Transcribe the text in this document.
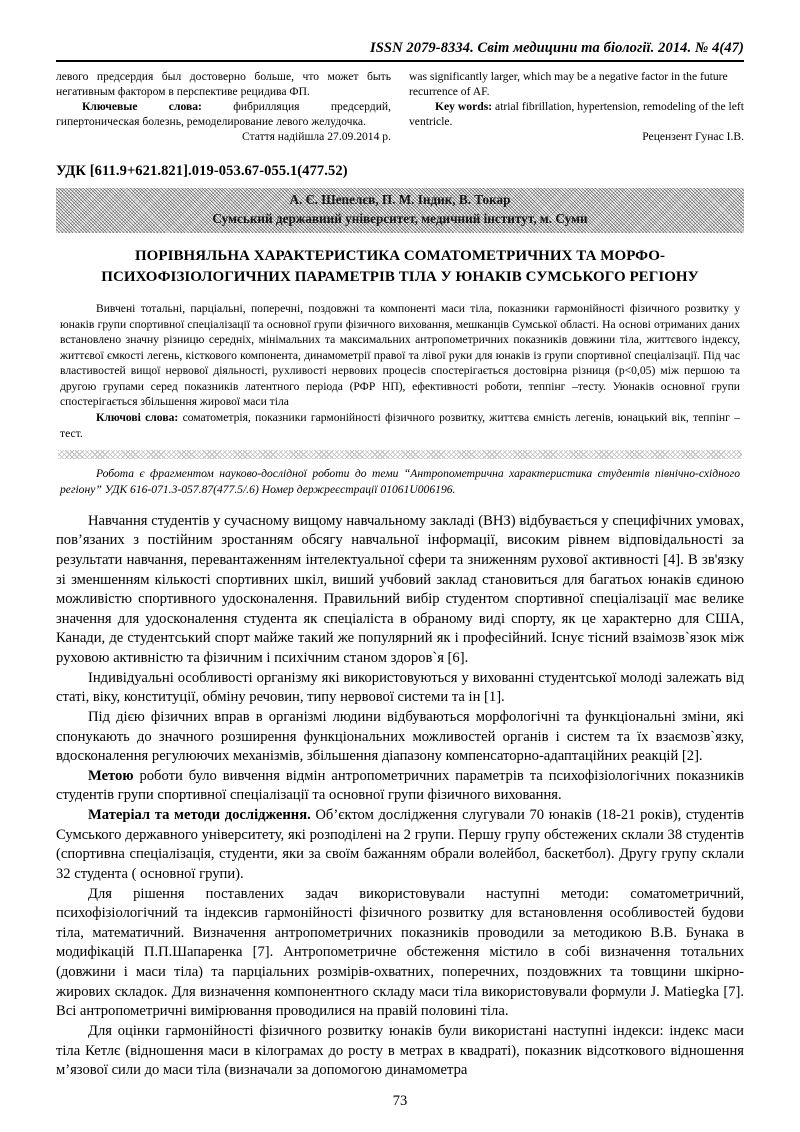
ISSN 2079-8334. Світ медицини та біології. 2014. № 4(47)

левого предсердия был достоверно больше, что может быть негативным фактором в перспективе рецидива ФП.

Ключевые слова:	фибрилляция предсердий, гипертоническая болезнь, ремоделирование левого желудочка.

Стаття надійшла 27.09.2014 р.

was significantly larger, which may be a negative factor in the future recurrence of AF.

Key words: atrial fibrillation, hypertension, remodeling of the left ventricle.

Рецензент Гунас І.В.

УДК [611.9+621.821].019-053.67-055.1(477.52)
А. Є. Шепелєв, П. М. Індик, В. Токар
Сумський державний університет, медичний інститут, м. Суми
ПОРІВНЯЛЬНА ХАРАКТЕРИСТИКА СОМАТОМЕТРИЧНИХ ТА МОРФО-ПСИХОФІЗІОЛОГИЧНИХ ПАРАМЕТРІВ ТІЛА У ЮНАКІВ СУМСЬКОГО РЕГІОНУ

Вивчені тотальні, парціальні, поперечні, поздовжні та компоненті маси тіла, показники гармонійності фізичного розвитку у юнаків групи спортивної спеціалізації та основної групи фізичного виховання, мешканців Сумської області. На основі отриманих даних встановлено значну різницю середніх, мінімальних та максимальних антропометричних показників довжини тіла, життєвого індексу, життєвої ємкості легень, кісткового компонента, динамометрії правої та лівої руки для юнаків із групи спортивної спеціалізації. Під час властивостей вищої нервової діяльності, рухливості нервових процесів спостерігається достовірна різниця (р<0,05) між першою та другою групами серед показників латентного періода (РФР НП), ефективності роботи, теппінг –тесту. Уюнаків основної групи спостерігається збільшення жирової маси тіла

Ключові слова: соматометрія, показники гармонійності фізичного розвитку, життєва ємність легенів, юнацький вік, теппінг –тест.

Робота є фрагментом науково-дослідної роботи до теми “Антропометрична характеристика студентів північно-східного регіону” УДК 616-071.3-057.87(477.5/.6) Номер держреєстрації 01061U006196.

Навчання студентів у сучасному вищому навчальному закладі (ВНЗ) відбувається у специфічних умовах, пов’язаних з постійним зростанням обсягу навчальної інформації, високим рівнем відповідальності за результати навчання, перевантаженням інтелектуальної сфери та зниженням рухової активності [4]. В зв'язку зі зменшенням кількості спортивних шкіл, виший учбовий заклад становиться для багатьох юнаків єдиною можливістю спортивного удосконалення. Правильний вибір студентом спортивної спеціалізації має велике значення для удосконалення студента як спеціаліста в обраному виді спорту, як це характерно для США, Канади, де студентський спорт майже такий же популярний як і професійний. Існує тісний взаімозв`язок між руховою активністю та фізичним і психічним станом здоров`я [6].

Індивідуальні особливості організму які використовуються у вихованні студентської молоді залежать від статі, віку, конституції, обміну речовин, типу нервової системи та ін [1].

Під дією фізичних вправ в організмі людини відбуваються морфологічні та функціональні зміни, які спонукають до значного розширення функціональних можливостей органів і систем та їх взаємозв`язку, вдосконалення регулюючих механізмів, збільшення діапазону компенсаторно-адаптаційних реакцій [2].

Метою роботи було вивчення відмін антропометричних параметрів та психофізіологічних показників студентів групи спортивної спеціалізації та основної групи фізичного виховання.

Матеріал та методи дослідження. Об’єктом дослідження слугували 70 юнаків (18-21 років), студентів Сумського державного університету, які розподілені на 2 групи. Першу групу обстежених склали 38 студентів (спортивна спеціалізація, студенти, яки за своїм бажанням обрали волейбол, баскетбол). Другу групу склали 32 студента ( основної групи).

Для рішення поставлених задач використовували наступні методи: соматометричний, психофізіологічний та індексив гармонійності фізичного розвитку для встановлення особливостей будови тіла, математичний. Визначення антропометричних показників проводили за методикою В.В. Бунака в модифікацій П.П.Шапаренка [7]. Антропометричне обстеження містило в собі визначення тотальних (довжини і маси тіла) та парціальних розмірів-охватних, поперечних, поздовжних та товщини шкірно-жирових складок. Для визначення компонентного складу маси тіла використовували формули J. Matiegka [7]. Всі антропометричні вимірювання проводилися на правій половині тіла.

Для оцінки гармонійності фізичного розвитку юнаків були використані наступні індекси: індекс маси тіла Кетлє (відношення маси в кілограмах до росту в метрах в квадраті), показник відсоткового відношення м’язової сили до маси тіла (визначали за допомогою динамометра

73
